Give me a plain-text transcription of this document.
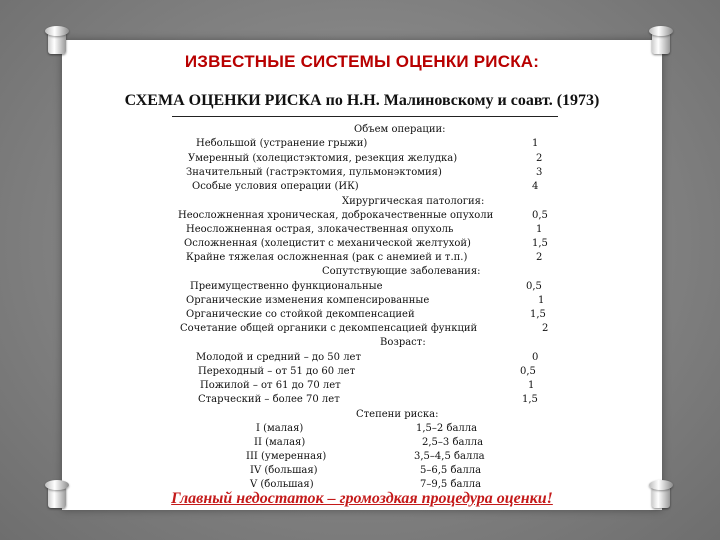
ИЗВЕСТНЫЕ СИСТЕМЫ ОЦЕНКИ РИСКА:
СХЕМА ОЦЕНКИ РИСКА по Н.Н. Малиновскому и соавт. (1973)
Объем операции:
Небольшой (устранение грыжи)	1
Умеренный (холецистэктомия, резекция желудка)	2
Значительный (гастрэктомия, пульмонэктомия)	3
Особые условия операции (ИК)	4
Хирургическая патология:
Неосложненная хроническая, доброкачественные опухоли	0,5
Неосложненная острая, злокачественная опухоль	1
Осложненная (холецистит с механической желтухой)	1,5
Крайне тяжелая осложненная (рак с анемией и т.п.)	2
Сопутствующие заболевания:
Преимущественно функциональные	0,5
Органические изменения компенсированные	1
Органические со стойкой декомпенсацией	1,5
Сочетание общей органики с декомпенсацией функций	2
Возраст:
Молодой и средний – до 50 лет	0
Переходный – от 51 до 60 лет	0,5
Пожилой – от 61 до 70 лет	1
Старческий – более 70 лет	1,5
Степени риска:
I (малая)	1,5–2 балла
II (малая)	2,5–3 балла
III (умеренная)	3,5–4,5 балла
IV (большая)	5–6,5 балла
V (большая)	7–9,5 балла
Главный недостаток – громоздкая процедура оценки!
